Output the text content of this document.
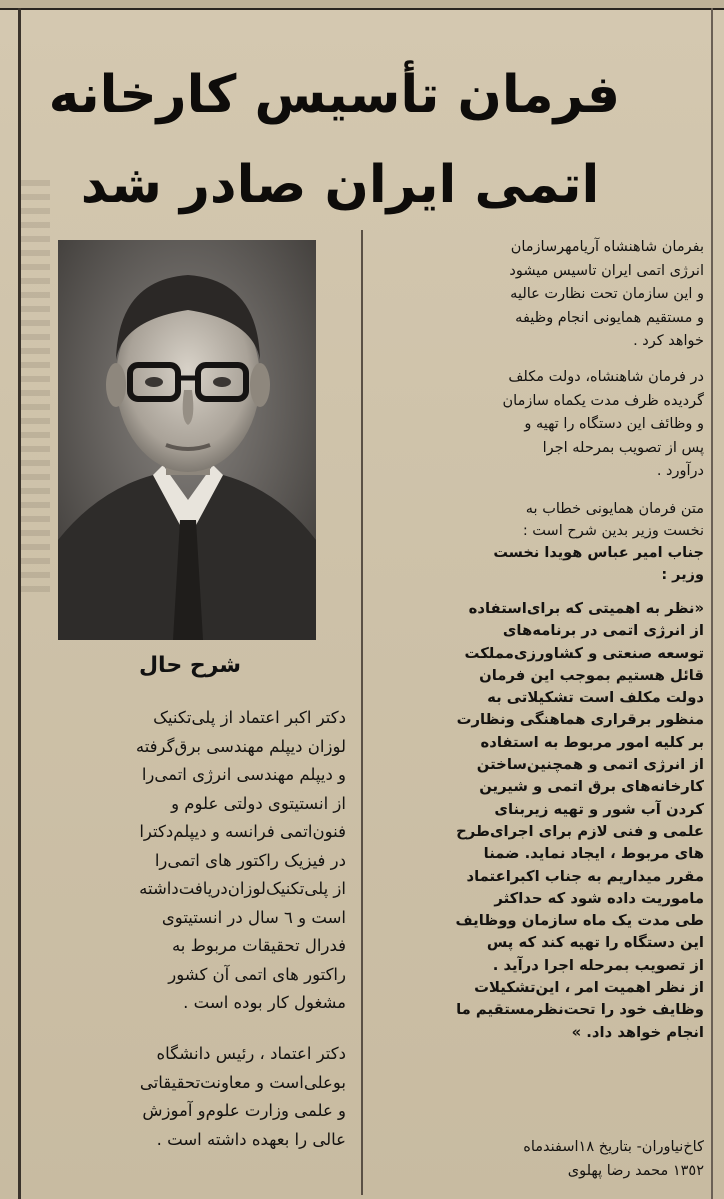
فرمان تأسیس کارخانه
اتمی ایران صادر شد
شرح حال
دکتر اکبر اعتماد از پلی‌تکنیک
لوزان دیپلم مهندسی برق‌گرفته
و دیپلم مهندسی انرژی اتمی‌را
از انستیتوی دولتی علوم و
فنون‌اتمی فرانسه و دیپلم‌دکترا
در فیزیک راکتور های اتمی‌را
از پلی‌تکنیک‌لوزان‌دریافت‌داشته
است و ٦ سال در انستیتوی
فدرال تحقیقات مربوط به
راکتور های اتمی آن کشور
مشغول کار بوده است .
دکتر اعتماد ، رئیس دانشگاه
بوعلی‌است و معاونت‌تحقیقاتی
و علمی وزارت علوم‌و آموزش
عالی را بعهده داشته است .
بفرمان شاهنشاه آریامهر‌سازمان
انرژی اتمی ایران تاسیس میشود
و این سازمان تحت نظارت عالیه
و مستقیم همایونی انجام وظیفه
خواهد کرد .
در فرمان شاهنشاه، دولت مکلف
گردیده ظرف مدت یکماه سازمان
و وظائف این دستگاه را تهیه و
پس از تصویب بمرحله اجرا
درآورد .
متن فرمان همایونی خطاب به
نخست وزیر بدین شرح است :
جناب امیر عباس هویدا نخست
وزیر :
«نظر به اهمیتی که برای‌استفاده
از انرژی اتمی در برنامه‌های
توسعه صنعتی و کشاورزی‌مملکت
قائل هستیم بموجب این فرمان
دولت مکلف است تشکیلاتی به
منظور برقراری هماهنگی ونظارت
بر کلیه امور مربوط به استفاده
از انرژی اتمی و همچنین‌ساختن
کارخانه‌های برق اتمی و شیرین
کردن آب شور و تهیه زیربنای
علمی و فنی لازم برای اجرای‌طرح
های مربوط ، ایجاد نماید. ضمنا
مقرر میداریم به جناب اکبراعتماد
ماموریت داده شود که حداکثر
طی مدت یک ماه سازمان ووظایف
این دستگاه را تهیه کند که پس
از تصویب بمرحله اجرا درآید .
از نظر اهمیت امر ، این‌تشکیلات
وظایف خود را تحت‌نظر‌مستقیم ما
انجام خواهد داد. »
کاخ‌نیاوران- بتاریخ ١٨اسفندماه
١٣٥٢ محمد رضا پهلوی
